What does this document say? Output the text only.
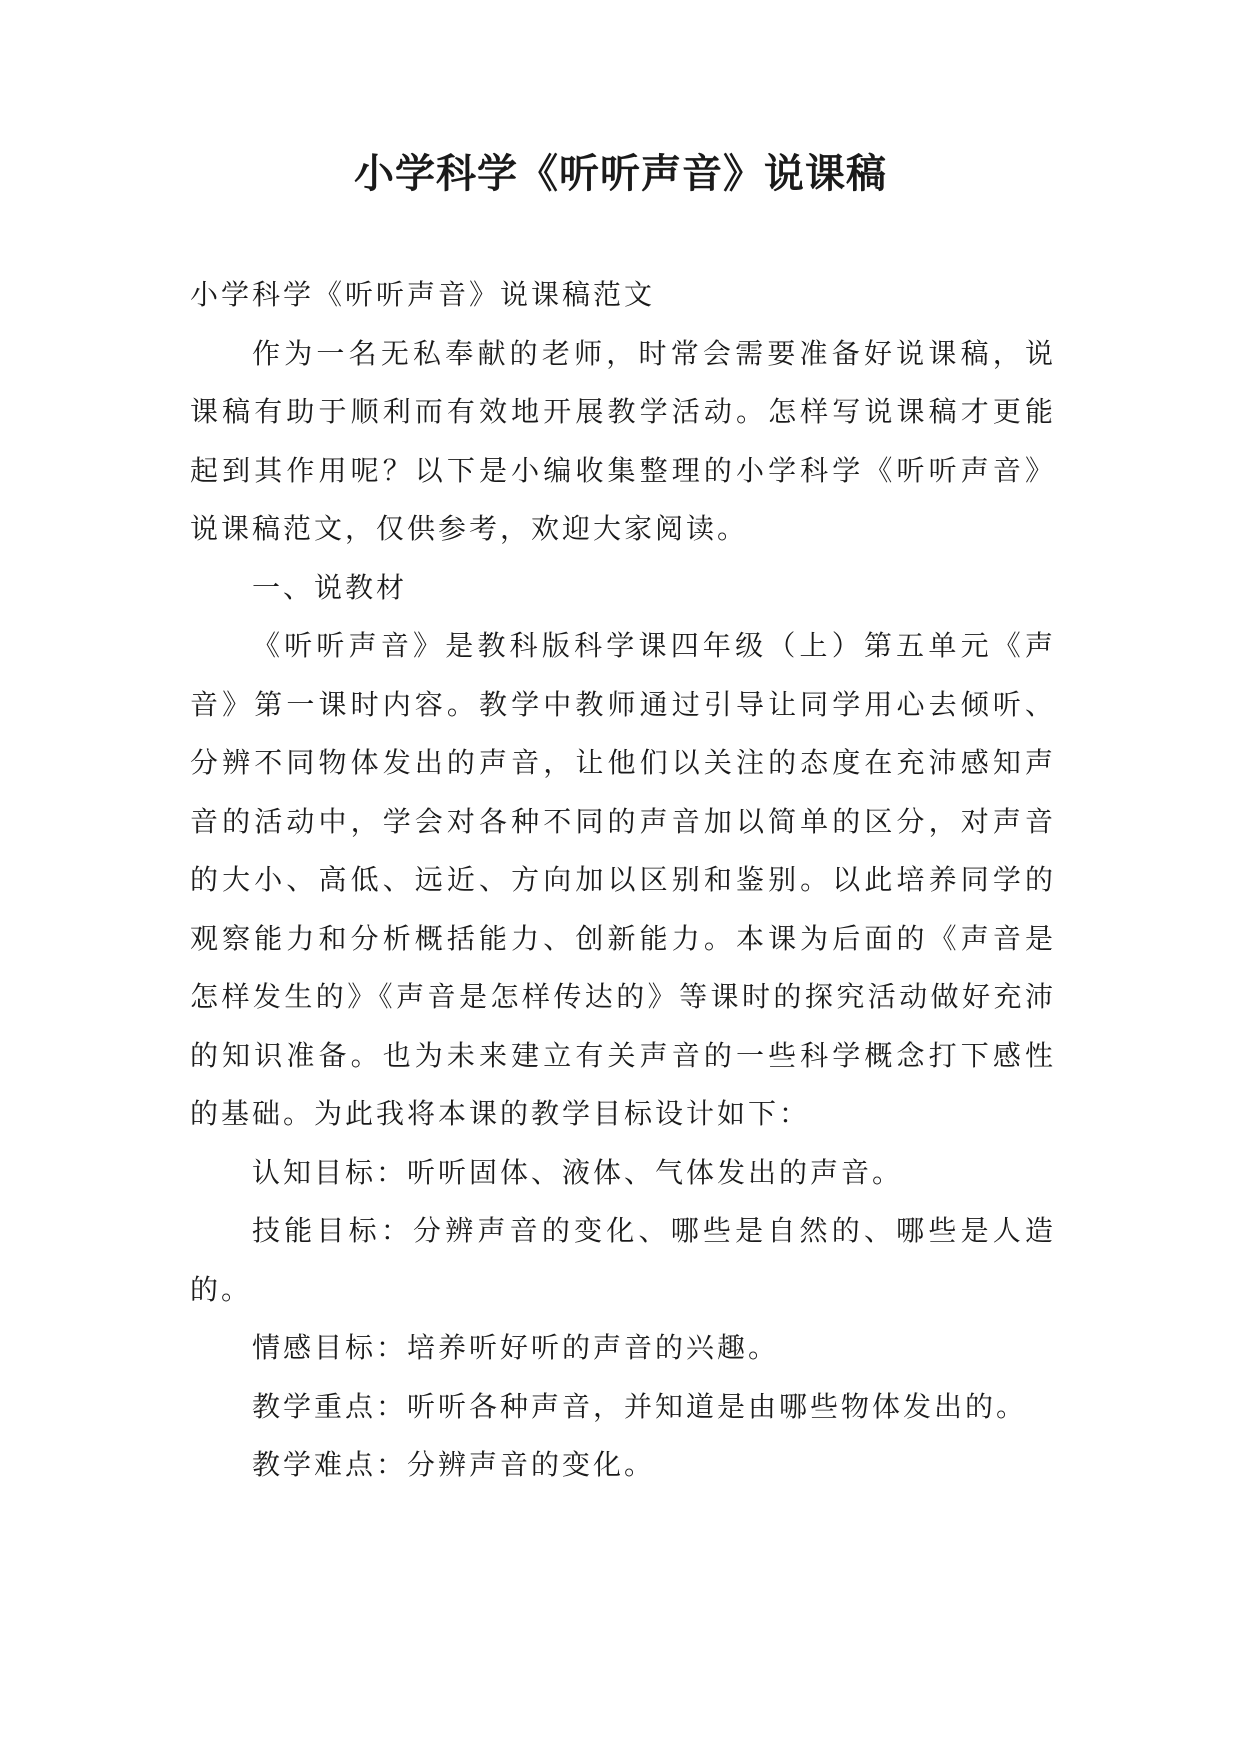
小学科学《听听声音》说课稿

小学科学《听听声音》说课稿范文

作为一名无私奉献的老师，时常会需要准备好说课稿，说课稿有助于顺利而有效地开展教学活动。怎样写说课稿才更能起到其作用呢？以下是小编收集整理的小学科学《听听声音》说课稿范文，仅供参考，欢迎大家阅读。

一、说教材

《听听声音》是教科版科学课四年级（上）第五单元《声音》第一课时内容。教学中教师通过引导让同学用心去倾听、分辨不同物体发出的声音，让他们以关注的态度在充沛感知声音的活动中，学会对各种不同的声音加以简单的区分，对声音的大小、高低、远近、方向加以区别和鉴别。以此培养同学的观察能力和分析概括能力、创新能力。本课为后面的《声音是怎样发生的》《声音是怎样传达的》等课时的探究活动做好充沛的知识准备。也为未来建立有关声音的一些科学概念打下感性的基础。为此我将本课的教学目标设计如下：

认知目标：听听固体、液体、气体发出的声音。

技能目标：分辨声音的变化、哪些是自然的、哪些是人造的。

情感目标：培养听好听的声音的兴趣。

教学重点：听听各种声音，并知道是由哪些物体发出的。

教学难点：分辨声音的变化。
